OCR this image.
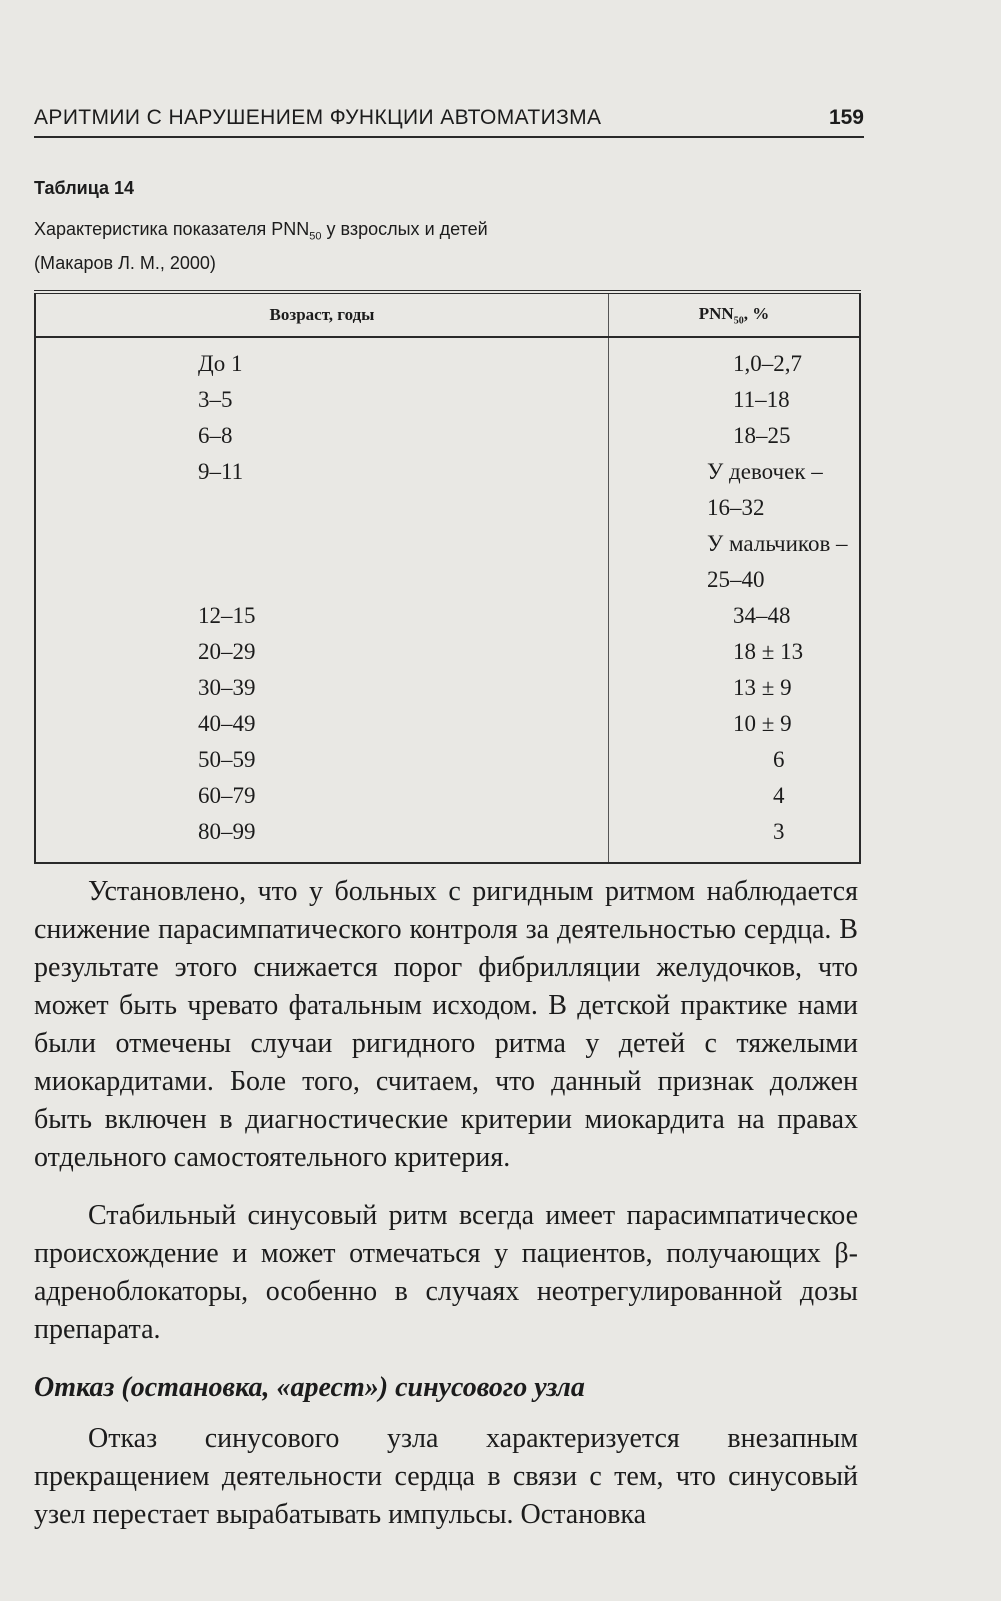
АРИТМИИ С НАРУШЕНИЕМ ФУНКЦИИ АВТОМАТИЗМА	159
Таблица 14
Характеристика показателя $PNN_{50}$ у взрослых и детей
(Макаров Л. М., 2000)
Возраст, годы	$PNN_{50}$, %
До 1	1,0–2,7
3–5	11–18
6–8	18–25
9–11	У девочек – 16–32
У мальчиков – 25–40

12–15	34–48
20–29	18 ± 13
30–39	13 ± 9
40–49	10 ± 9
50–59	6
60–79	4
80–99	3
Установлено, что у больных с ригидным ритмом наблюдается снижение парасимпатического контроля за деятельностью сердца. В результате этого снижается порог фибрилляции желудочков, что может быть чревато фатальным исходом. В детской практике нами были отмечены случаи ригидного ритма у детей с тяжелыми миокардитами. Боле того, считаем, что данный признак должен быть включен в диагностические критерии миокардита на правах отдельного самостоятельного критерия.
Стабильный синусовый ритм всегда имеет парасимпатическое происхождение и может отмечаться у пациентов, получающих β-адреноблокаторы, особенно в случаях неотрегулированной дозы препарата.
Отказ (остановка, «арест») синусового узла
Отказ синусового узла характеризуется внезапным прекращением деятельности сердца в связи с тем, что синусовый узел перестает вырабатывать импульсы. Остановка
